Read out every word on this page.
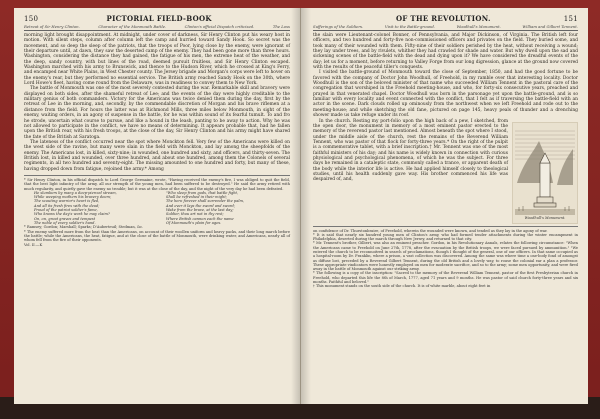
150	PICTORIAL FIELD-BOOK
Retreat of Sir Henry Clinton.	Character of the Monmouth Battle.	Clinton's official Dispatch criticised.	The Loss

morning light brought disappointment. At midnight, under cover of darkness, Sir Henry Clinton put his weary host in motion. With silent steps, column after column left the camp and hurried toward Sandy Hook. So secret was the movement, and so deep the sleep of the patriots, that the troops of Poor, lying close by the enemy, were ignorant of their departure until, at dawn, they saw the deserted camp of the enemy. They had been gone more than three hours. Washington, considering the distance they had gained, the fatigue of his men, the extreme heat of the weather, and the deep, sandy country, with but lines of the road, deemed pursuit fruitless, and Sir Henry Clinton escaped. Washington marched with his army to Brunswick, and thence to the Hudson River, which he crossed at King's Ferry, and encamped near White Plains, in West Chester county. The Jersey brigade and Morgan's corps were left to hover on the enemy's rear, but they performed no essential service. The British army reached Sandy Hook on the 30th, where Lord Howe's fleet, having come round from the Delaware, was in readiness to convey them to New York.

The battle of Monmouth was one of the most severely contested during the war. Remarkable skill and bravery were displayed on both sides, after the shameful retreat of Lee; and the events of the day were highly creditable to the military genius of both commanders. Victory for the Americans was twice denied them during the day, first by the retreat of Lee in the morning, and, secondly, by the commendable discretion of Morgan and his brave riflemen at a distance from the field. For hours the latter was at Richmond Mills, three miles below Monmouth, in sight of the enemy, waiting orders, in an agony of suspense in the battle, for he was within sound of its fearful tumult. To and fro he strode, uncertain what course to pursue, and like a hound in the leash, panting to be away to action. Why he was not allowed to participate in the conflict, we have no means of determining. It appears probable that, had he fallen upon the British rear, with his fresh troops, at the close of the day, Sir Henry Clinton and his army might have shared the fate of the British at Saratoga.

The lateness of the conflict occurred near the spot where Monckton fell. Very few of the Americans were killed on the west side of the ravine, but many were slain in the field with Monckton, and lay among the sheepfolds of the enemy. The Americans lost, in killed, sixty-nine; in wounded, one hundred and sixty, and officers, and thirty-seven. The British lost, in killed and wounded, over three hundred, and about one hundred, among them the Colonels of several regiments, in all two hundred and seventy-eight. The missing amounted to one hundred and forty, but many of these, having dropped down from fatigue, rejoined the army.* Among

* Sir Henry Clinton, in his official dispatch to Lord George Germaine, wrote, "Having received the enemy's fire, I was obliged to quit the field, that the best light infantry of the army, all our strength of the young men, had been suffered to be destroyed." He said the army retired with much regularity, and quietly gave the enemy no trouble; but it was at the close of the day, and the night of the very day he had been defeated.
He slumbers by many a deep-pierced stream,
While weeping mothers his bravery deem;
The scouting warrior's heart is fled,
And all its fresh fires with the dead;
Proud of the patriot soldier's fame,
Who knows the day's work he may claim?
On, on, great graves and tempest
The noble of every soldier's hand.
"Who sleep from gods, that battle fight,
Shall be refreshed in their might;
The hero forever shall surrender the palm,
And ever it lays the sword and sword;
Wake from the brave, at the last day;
Soldier, thou art not in thy rest;
Where British cannon each the name
Of Monmouth's plain for ages.
* Ramsey; Gordon; Marshall; Sparks; D'Auberteuil; Stedman, &c.
* The enemy suffered more from the heat than the Americans, on account of their woollen uniform and heavy packs, and their long march before the battle; while the Americans, the heat, fatigue, and at the close of the battle of Monmouth, were drinking water, and Americans, nearly all of whom fell from the fire of their opponents.
Vol. II.—K
OF THE REVOLUTION.	151
Sufferings of the Soldiers.	Visit to the Battle-ground.	Woodhull's Monument.	William and Gilbert Tennent.

the slain were Lieutenant-colonel Bonner, of Pennsylvania, and Major Dickinson, of Virginia. The British left four officers, and two hundred and forty-five non-commissioned officers and privates on the field. They buried some, and took many of their wounded with them. Fifty-nine of their soldiers perished by the heat, without receiving a wound; they lay under trees, and by rivulets, whither they had crawled for shade and water. But why dwell upon the sad and sickening scenes of the battle-field with the dead and dying upon it? We have considered the dreadful events of the day; let us for a moment, before returning to Valley Forge from our long digression, glance at the ground now covered with the results of the peaceful tiller's conquests.

I visited the battle-ground of Monmouth toward the close of September, 1850, and had the good fortune to be favored with the company of Doctor John Woodhull, of Freehold, in my ramble over that interesting locality. Doctor Woodhull is the son of the beloved minister of that name who succeeded William Tennent in the pastoral care of the congregation that worshiped in the Freehold meeting-house, and who, for forty-six consecutive years, preached and prayed in that venerated chapel. Doctor Woodhull was born in the parsonage yet upon the battle-ground, and is so familiar with every locality and event connected with the conflict, that I felt as if traversing the battle-field with an actor in the scene. Dark clouds rolled up ominously from the northwest when we left Freehold and rode out to the meeting-house; and while sketching the old fane, pictured on page 145, heavy peals of thunder and a drenching shower made us take refuge under its roof.

Woodhull's Monument.

In the church. Resting my port-folio upon the high back of a pew, I sketched, from the open door, the monument in memory of a most eminent pastor erected to the memory of the reverend pastor last mentioned. Almost beneath the spot where I stood, under the middle aisle of the church, rest the remains of the Reverend William Tennent, who was pastor of that flock for forty-three years.* On the right of the pulpit is a commemorative tablet, with a brief inscription.† Mr. Tennent was one of the most faithful ministers of his day; and his name is widely known in connection with curious physiological and psychological phenomena, of which he was the subject. For three days he remained in a cataleptic state, commonly called a trance, or apparent death of the body while the interior life is active. He had applied himself closely to theological studies, until his health suddenly gave way. His brother commenced his life was despaired of, and,

on confidence of Dr. Thurstonbraire, of Freehold, wherein the wounded were known, and tended as they lay in the agony of war.
* It is said that nearly six hundred young men of Clinton's army, who had formed tender attachments during the winter encampment in Philadelphia, deserted during the march through New Jersey, and returned to that city.
* Mr. Tennent's brother, Gilbert, was also an eminent preacher. Gordon, in his Revolutionary Annals, relates the following circumstance: "When the Americans came to Freehold on June 27th, 1778, after the evacuation by the British troops, we were faced pursued by ammunition." "We entered the church to be reconnoitred in search of proclamations, though I thought of the general, one of our officers. In that same occupied as a hospital-room by Dr. Franklin, where a prison, a vast collection was discovered. Among the same was where time a one-body fond of amongst as diffuse lost, preceded by a Reverend Gilbert Tennent, during the old British and a lovely way, to rouse the colonial ear a plan a professor. These appropriate vindicators were honestly employed on men for moderate sacrifice, and so to the army; some men opportunity, and were fired away in the battle of Monmouth against our striking army.
* The following is a copy of the inscription: "Sacred to the memory of the Reverend William Tennent, pastor of the first Presbyterian church in Freehold, who departed this life the 8th of March, 1777, aged 71 years and 9 months. He was pastor of said church forty-three years and six months. Faithful and beloved."
† This monument stands on the south side of the church. It is of white marble, about eight feet in
